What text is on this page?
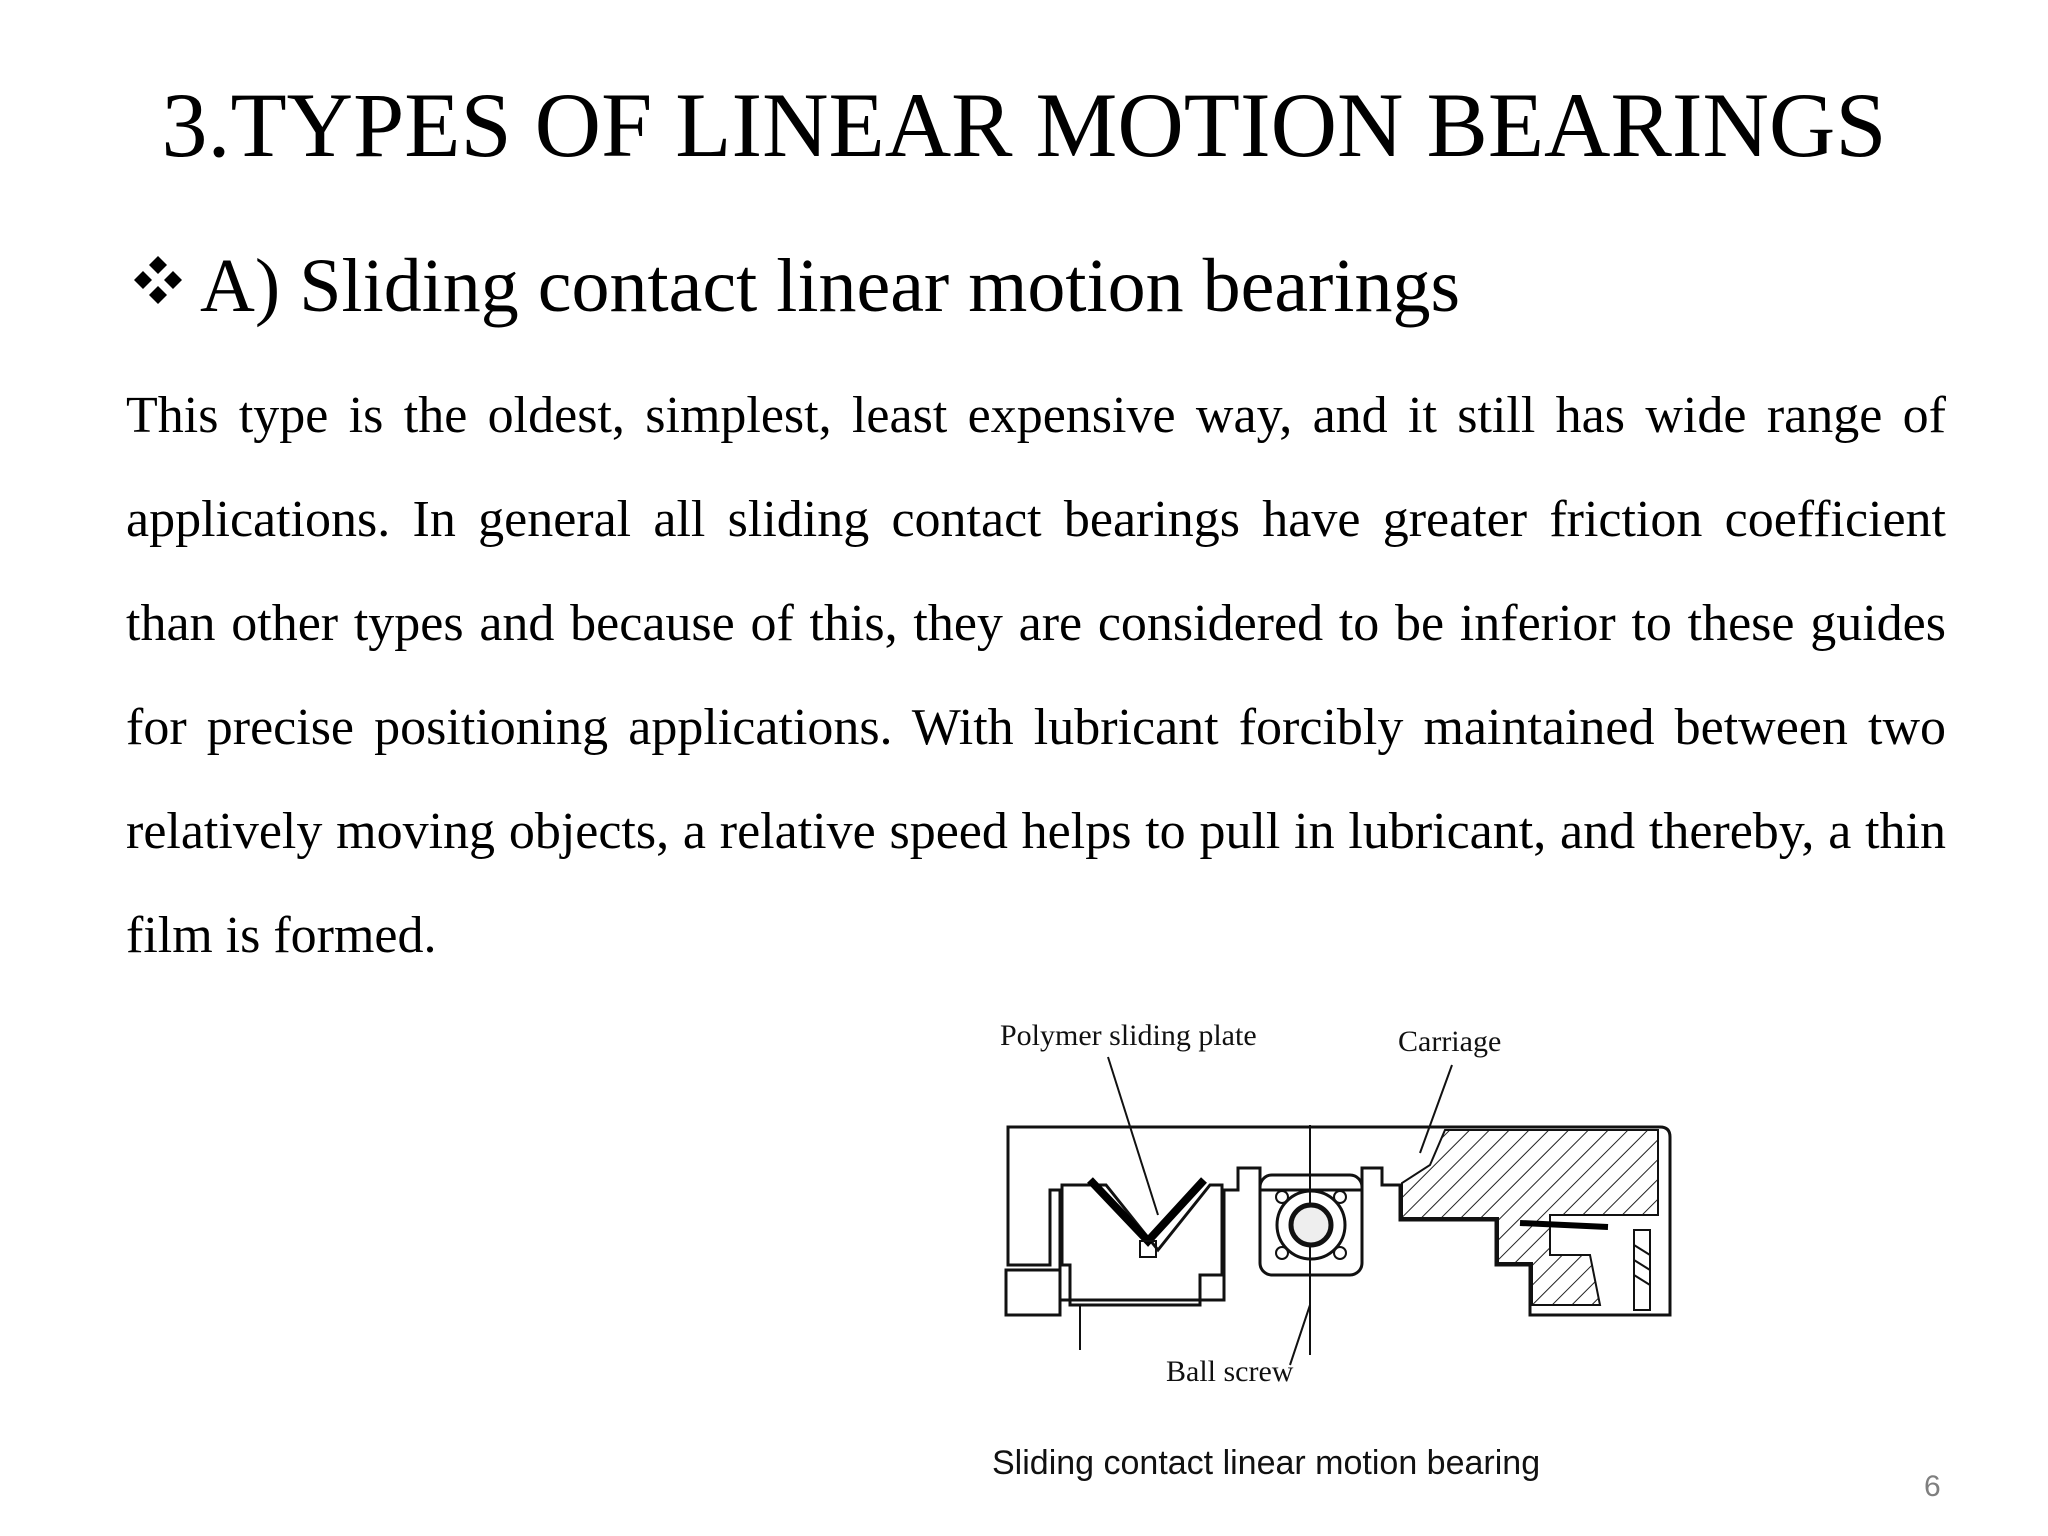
3.TYPES OF LINEAR MOTION BEARINGS
A) Sliding contact linear motion bearings

This type is the oldest, simplest, least expensive way, and it still has wide range of applications. In general all sliding contact bearings have greater friction coefficient than other types and because of this, they are considered to be inferior to these guides for precise positioning applications. With lubricant forcibly maintained between two relatively moving objects, a relative speed helps to pull in lubricant, and thereby, a thin film is formed.

Polymer sliding plate	Carriage
Ball screw
Sliding contact linear motion bearing
6
